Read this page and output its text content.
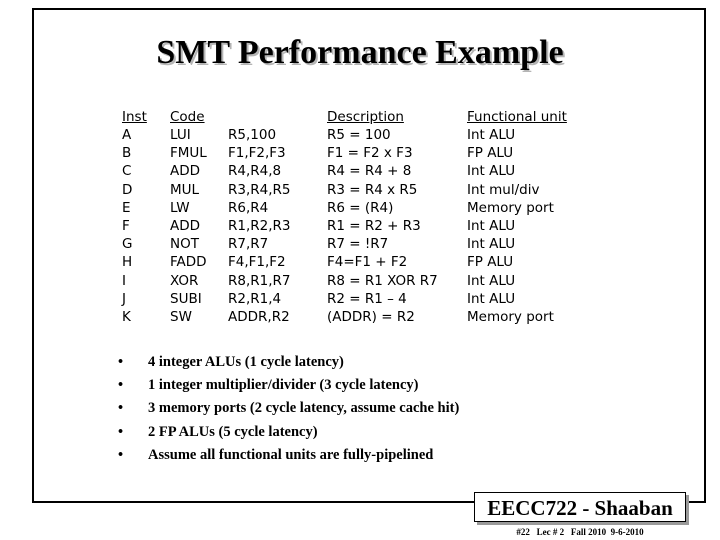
SMT Performance Example
Inst
A
B
C
D
E
F
G
H
I
J
K
Code
LUI
FMUL
ADD
MUL
LW
ADD
NOT
FADD
XOR
SUBI
SW
R5,100
F1,F2,F3
R4,R4,8
R3,R4,R5
R6,R4
R1,R2,R3
R7,R7
F4,F1,F2
R8,R1,R7
R2,R1,4
ADDR,R2
Description
R5 = 100
F1 = F2 x F3
R4 = R4 + 8
R3 = R4 x R5
R6 = (R4)
R1 = R2 + R3
R7 = !R7
F4=F1 + F2
R8 = R1 XOR R7
R2 = R1 – 4
(ADDR) = R2
Functional unit
Int ALU
FP ALU
Int ALU
Int mul/div
Memory port
Int ALU
Int ALU
FP ALU
Int ALU
Int ALU
Memory port
• 4 integer ALUs (1 cycle latency)
• 1 integer multiplier/divider (3 cycle latency)
• 3 memory ports (2 cycle latency, assume cache hit)
• 2 FP ALUs (5 cycle latency)
• Assume all functional units are fully-pipelined
EECC722 - Shaaban
#22   Lec # 2   Fall 2010  9-6-2010
